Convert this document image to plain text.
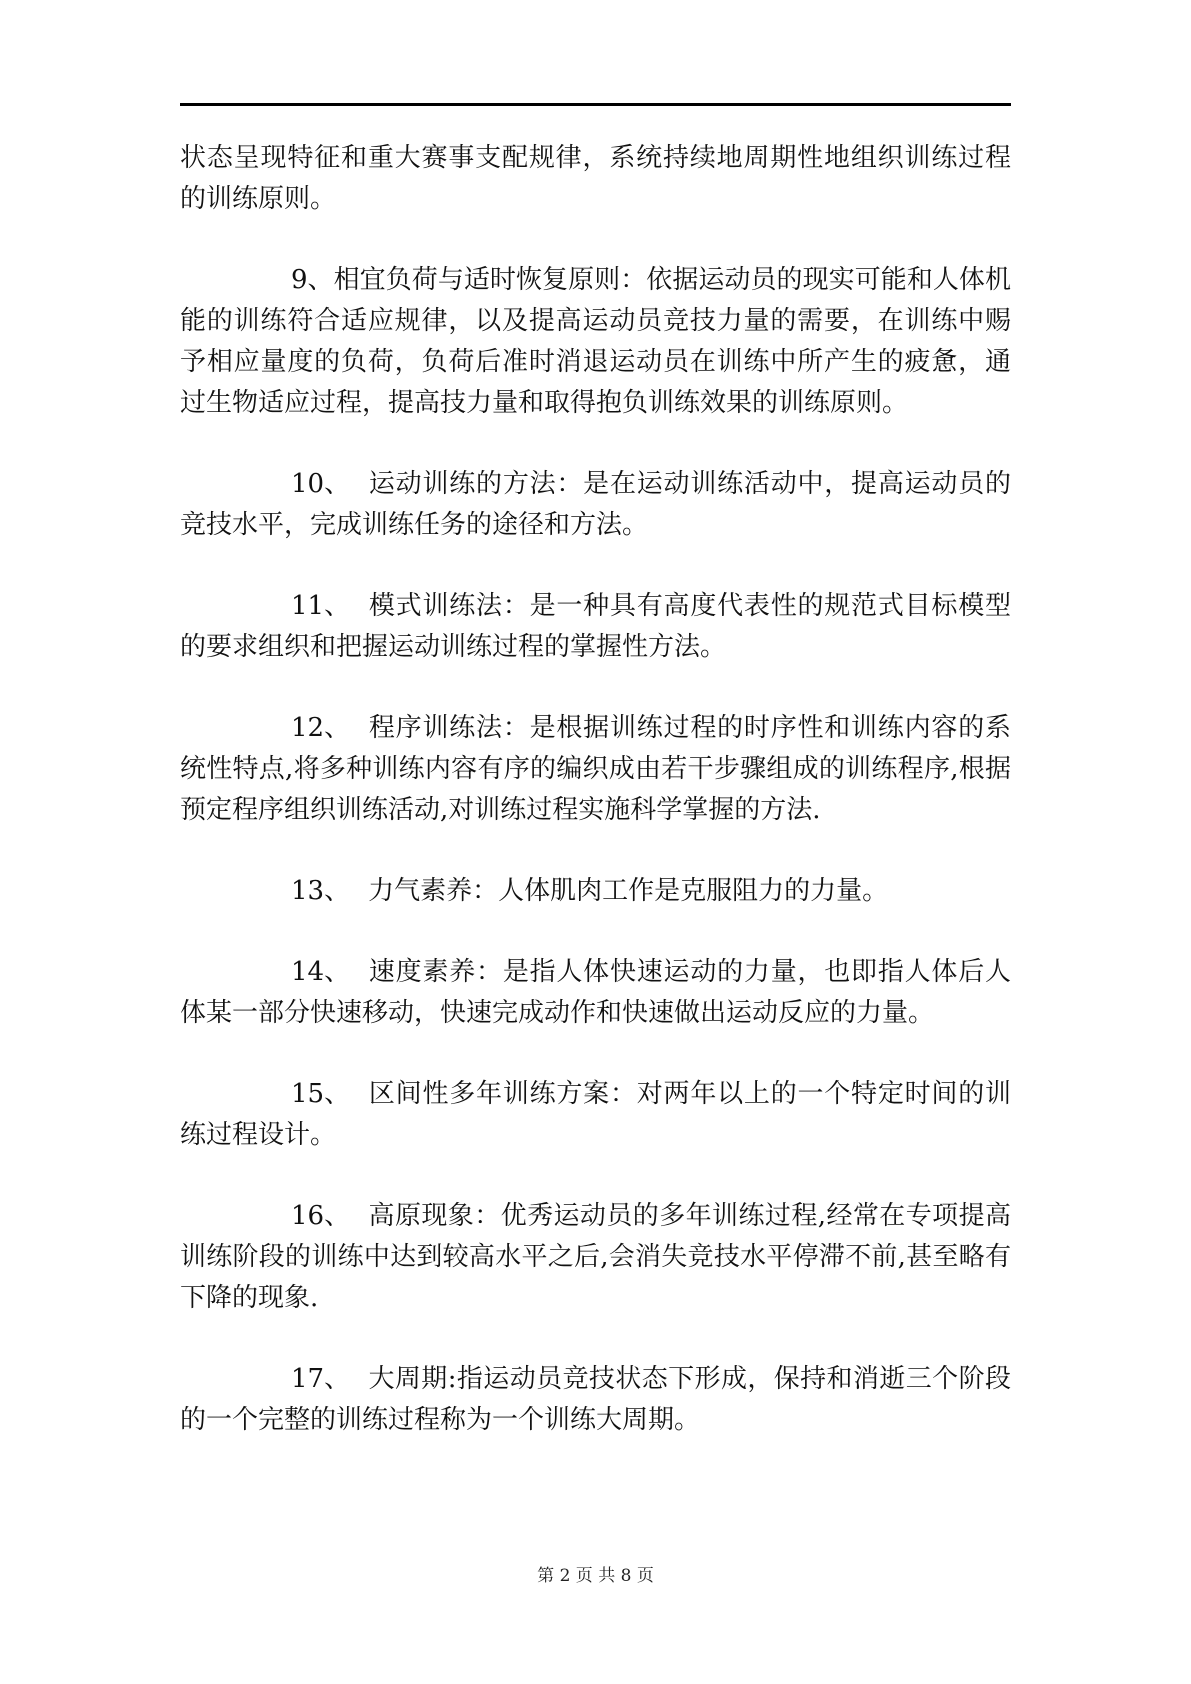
状态呈现特征和重大赛事支配规律，系统持续地周期性地组织训练过程的训练原则。

9、相宜负荷与适时恢复原则：依据运动员的现实可能和人体机能的训练符合适应规律，以及提高运动员竞技力量的需要，在训练中赐予相应量度的负荷，负荷后准时消退运动员在训练中所产生的疲惫，通过生物适应过程，提高技力量和取得抱负训练效果的训练原则。

10、 运动训练的方法：是在运动训练活动中，提高运动员的竞技水平，完成训练任务的途径和方法。

11、 模式训练法：是一种具有高度代表性的规范式目标模型的要求组织和把握运动训练过程的掌握性方法。

12、 程序训练法：是根据训练过程的时序性和训练内容的系统性特点,将多种训练内容有序的编织成由若干步骤组成的训练程序,根据预定程序组织训练活动,对训练过程实施科学掌握的方法.

13、 力气素养：人体肌肉工作是克服阻力的力量。

14、 速度素养：是指人体快速运动的力量，也即指人体后人体某一部分快速移动，快速完成动作和快速做出运动反应的力量。

15、 区间性多年训练方案：对两年以上的一个特定时间的训练过程设计。

16、 高原现象：优秀运动员的多年训练过程,经常在专项提高训练阶段的训练中达到较高水平之后,会消失竞技水平停滞不前,甚至略有下降的现象.

17、 大周期:指运动员竞技状态下形成，保持和消逝三个阶段的一个完整的训练过程称为一个训练大周期。

第 2 页 共 8 页
